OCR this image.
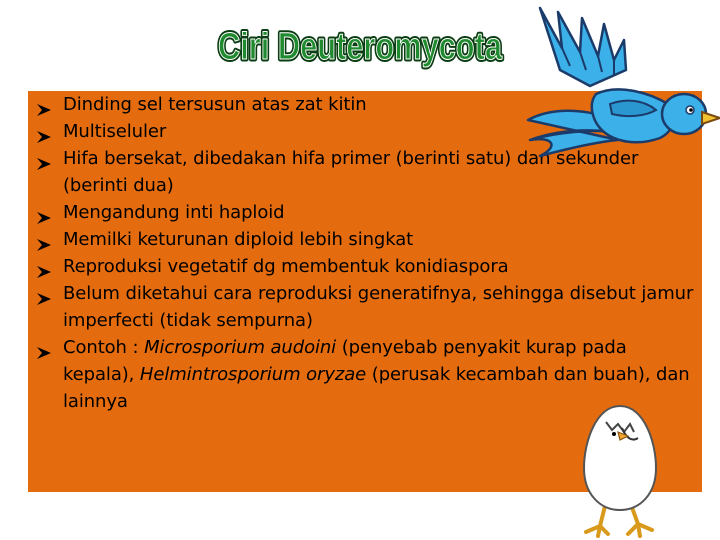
Ciri Deuteromycota
Ciri Deuteromycota
Dinding sel tersusun atas zat kitin
Multiseluler
Hifa bersekat, dibedakan hifa primer (berinti satu) dan sekunder (berinti dua)
Mengandung inti haploid
Memilki keturunan diploid lebih singkat
Reproduksi vegetatif dg membentuk konidiaspora
Belum diketahui cara reproduksi generatifnya, sehingga disebut jamur imperfecti (tidak sempurna)
Contoh : Microsporium audoini (penyebab penyakit kurap pada kepala), Helmintrosporium oryzae (perusak kecambah dan buah), dan lainnya
